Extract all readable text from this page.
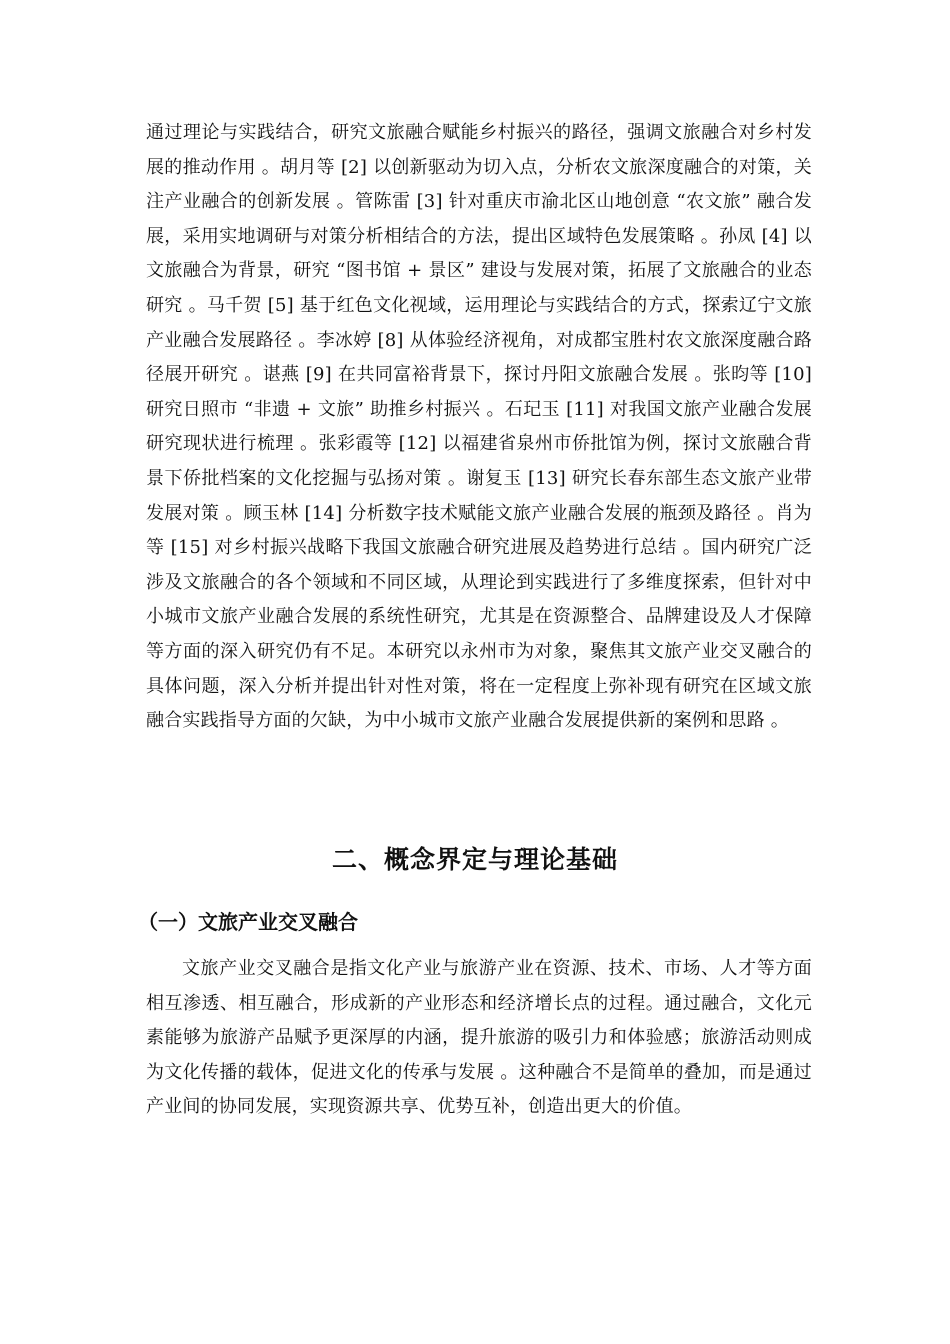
通过理论与实践结合，研究文旅融合赋能乡村振兴的路径，强调文旅融合对乡村发展的推动作用 。胡月等 [2] 以创新驱动为切入点，分析农文旅深度融合的对策，关注产业融合的创新发展 。管陈雷 [3] 针对重庆市渝北区山地创意 “农文旅” 融合发展，采用实地调研与对策分析相结合的方法，提出区域特色发展策略 。孙凤 [4] 以文旅融合为背景，研究 “图书馆 + 景区” 建设与发展对策，拓展了文旅融合的业态研究 。马千贺 [5] 基于红色文化视域，运用理论与实践结合的方式，探索辽宁文旅产业融合发展路径 。李冰婷 [8] 从体验经济视角，对成都宝胜村农文旅深度融合路径展开研究 。谌燕 [9] 在共同富裕背景下，探讨丹阳文旅融合发展 。张昀等 [10] 研究日照市 “非遗 + 文旅” 助推乡村振兴 。石玘玉 [11] 对我国文旅产业融合发展研究现状进行梳理 。张彩霞等 [12] 以福建省泉州市侨批馆为例，探讨文旅融合背景下侨批档案的文化挖掘与弘扬对策 。谢复玉 [13] 研究长春东部生态文旅产业带发展对策 。顾玉林 [14] 分析数字技术赋能文旅产业融合发展的瓶颈及路径 。肖为等 [15] 对乡村振兴战略下我国文旅融合研究进展及趋势进行总结 。国内研究广泛涉及文旅融合的各个领域和不同区域，从理论到实践进行了多维度探索，但针对中小城市文旅产业融合发展的系统性研究，尤其是在资源整合、品牌建设及人才保障等方面的深入研究仍有不足。本研究以永州市为对象，聚焦其文旅产业交叉融合的具体问题，深入分析并提出针对性对策，将在一定程度上弥补现有研究在区域文旅融合实践指导方面的欠缺，为中小城市文旅产业融合发展提供新的案例和思路 。

二、概念界定与理论基础
（一）文旅产业交叉融合

文旅产业交叉融合是指文化产业与旅游产业在资源、技术、市场、人才等方面相互渗透、相互融合，形成新的产业形态和经济增长点的过程。通过融合，文化元素能够为旅游产品赋予更深厚的内涵，提升旅游的吸引力和体验感；旅游活动则成为文化传播的载体，促进文化的传承与发展 。这种融合不是简单的叠加，而是通过产业间的协同发展，实现资源共享、优势互补，创造出更大的价值。
